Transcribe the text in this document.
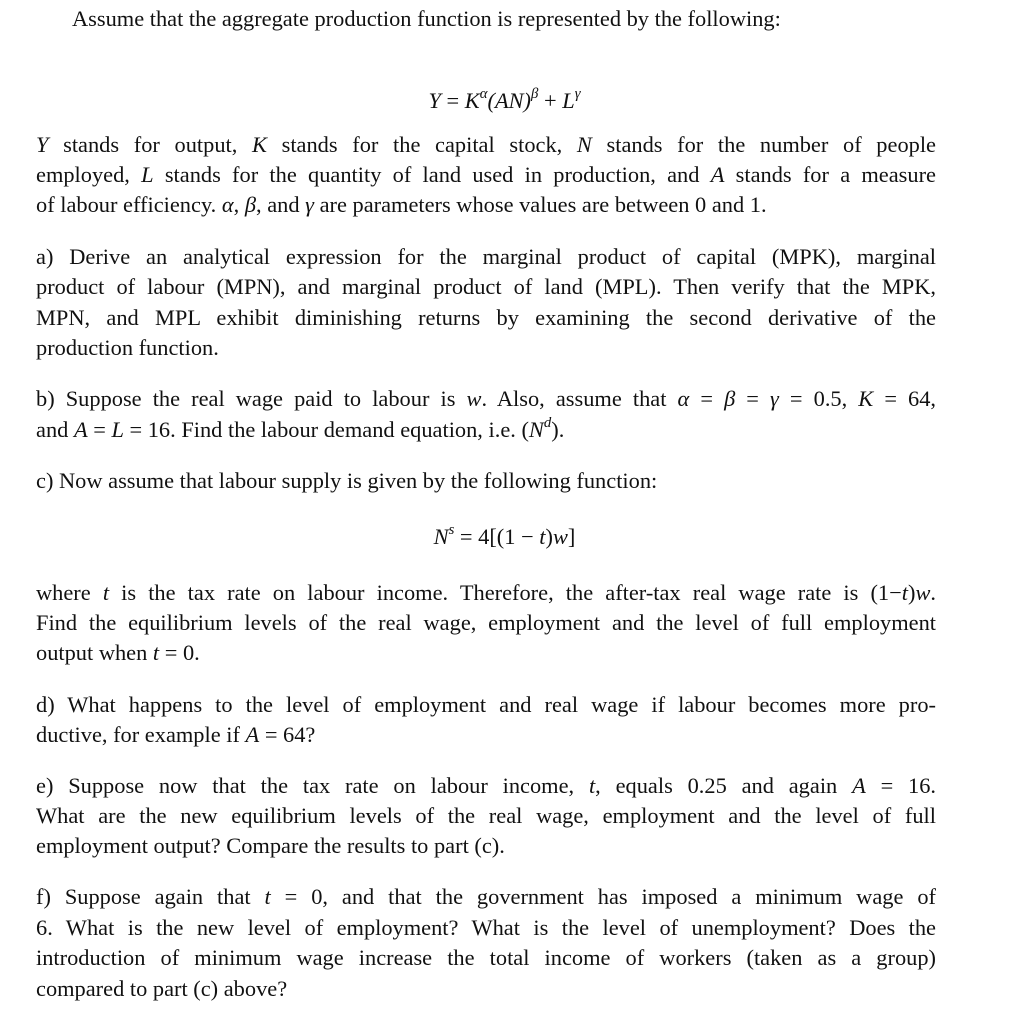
Assume that the aggregate production function is represented by the following:
$Y = K^\alpha(AN)^\beta + L^\gamma$
Y stands for output, K stands for the capital stock, N stands for the number of people
employed, L stands for the quantity of land used in production, and A stands for a measure
of labour efficiency. α, β, and γ are parameters whose values are between 0 and 1.
a) Derive an analytical expression for the marginal product of capital (MPK), marginal
product of labour (MPN), and marginal product of land (MPL). Then verify that the MPK,
MPN, and MPL exhibit diminishing returns by examining the second derivative of the
production function.
b) Suppose the real wage paid to labour is w. Also, assume that α = β = γ = 0.5, K = 64,
and A = L = 16. Find the labour demand equation, i.e. $(N^d)$.
c) Now assume that labour supply is given by the following function:
$N^s = 4[(1 - t)w]$
where t is the tax rate on labour income. Therefore, the after-tax real wage rate is (1−t)w.
Find the equilibrium levels of the real wage, employment and the level of full employment
output when t = 0.
d) What happens to the level of employment and real wage if labour becomes more pro-
ductive, for example if A = 64?
e) Suppose now that the tax rate on labour income, t, equals 0.25 and again A = 16.
What are the new equilibrium levels of the real wage, employment and the level of full
employment output? Compare the results to part (c).
f) Suppose again that t = 0, and that the government has imposed a minimum wage of
6. What is the new level of employment? What is the level of unemployment? Does the
introduction of minimum wage increase the total income of workers (taken as a group)
compared to part (c) above?
